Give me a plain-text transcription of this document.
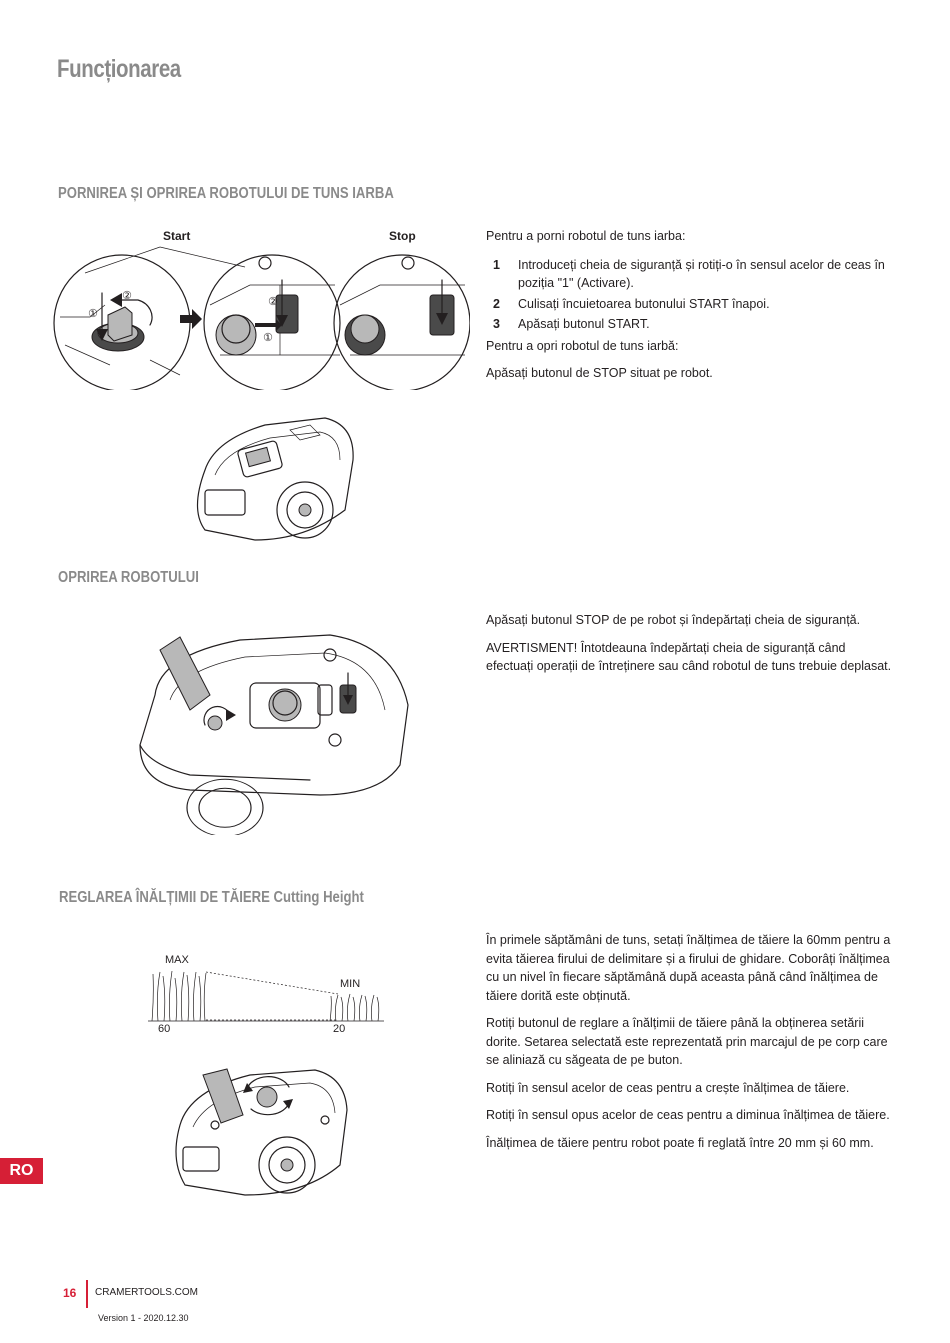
Funcționarea
PORNIREA ȘI OPRIREA ROBOTULUI DE TUNS IARBA
Start	Stop
①
②	②
①

Pentru a porni robotul de tuns iarba:

1	Introduceți cheia de siguranță și rotiți-o în sensul acelor de ceas în poziția "1" (Activare).
2	Culisați încuietoarea butonului START înapoi.
3	Apăsați butonul START.

Pentru a opri robotul de tuns iarbă:

Apăsați butonul de STOP situat pe robot.

OPRIREA ROBOTULUI

Apăsați butonul STOP de pe robot și îndepărtați cheia de siguranță.

AVERTISMENT! Întotdeauna îndepărtați cheia de siguranță când efectuați operații de întreținere sau când robotul de tuns trebuie deplasat.

REGLAREA ÎNĂLȚIMII DE TĂIERE Cutting Height
MAX
MIN
60	20

În primele săptămâni de tuns, setați înălțimea de tăiere la 60mm pentru a evita tăierea firului de delimitare și a firului de ghidare. Coborâți înălțimea cu un nivel în fiecare săptămână după aceasta până când înălțimea de tăiere dorită este obținută.

Rotiți butonul de reglare a înălțimii de tăiere până la obținerea setării dorite. Setarea selectată este reprezentată prin marcajul de pe corp care se aliniază cu săgeata de pe buton.

Rotiți în sensul acelor de ceas pentru a crește înălțimea de tăiere.

Rotiți în sensul opus acelor de ceas pentru a diminua înălțimea de tăiere.

Înălțimea de tăiere pentru robot poate fi reglată între 20 mm și 60 mm.

RO
16 CRAMERTOOLS.COM
Version 1 - 2020.12.30
